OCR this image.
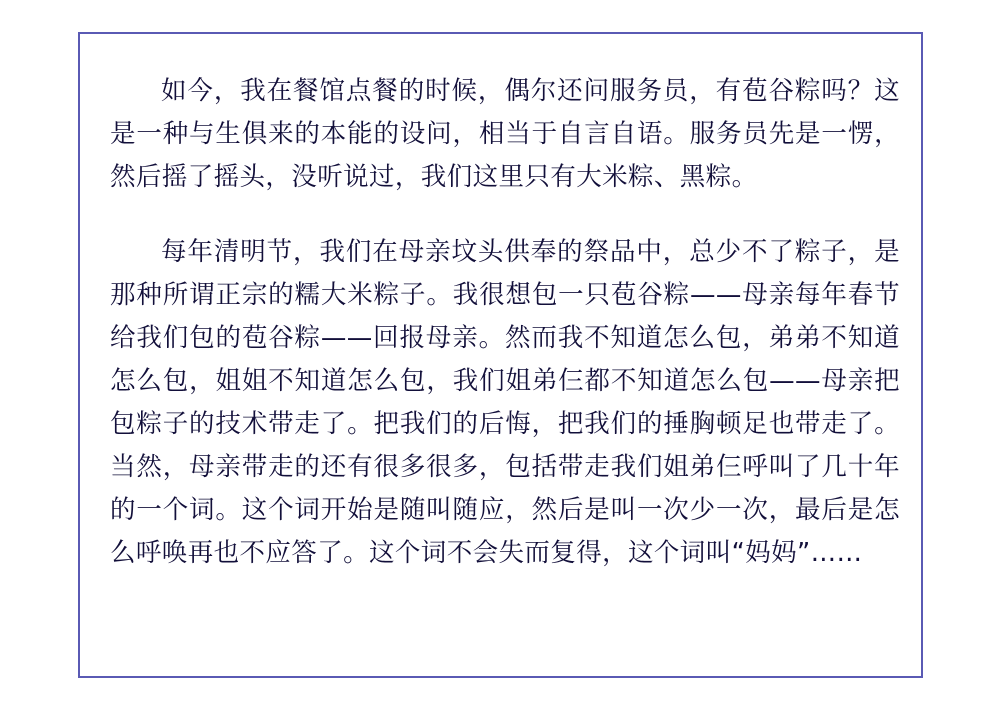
如今，我在餐馆点餐的时候，偶尔还问服务员，有苞谷粽吗？这是一种与生俱来的本能的设问，相当于自言自语。服务员先是一愣，然后摇了摇头，没听说过，我们这里只有大米粽、黑粽。

每年清明节，我们在母亲坟头供奉的祭品中，总少不了粽子，是那种所谓正宗的糯大米粽子。我很想包一只苞谷粽——母亲每年春节给我们包的苞谷粽——回报母亲。然而我不知道怎么包，弟弟不知道怎么包，姐姐不知道怎么包，我们姐弟仨都不知道怎么包——母亲把包粽子的技术带走了。把我们的后悔，把我们的捶胸顿足也带走了。当然，母亲带走的还有很多很多，包括带走我们姐弟仨呼叫了几十年的一个词。这个词开始是随叫随应，然后是叫一次少一次，最后是怎么呼唤再也不应答了。这个词不会失而复得，这个词叫“妈妈”……
